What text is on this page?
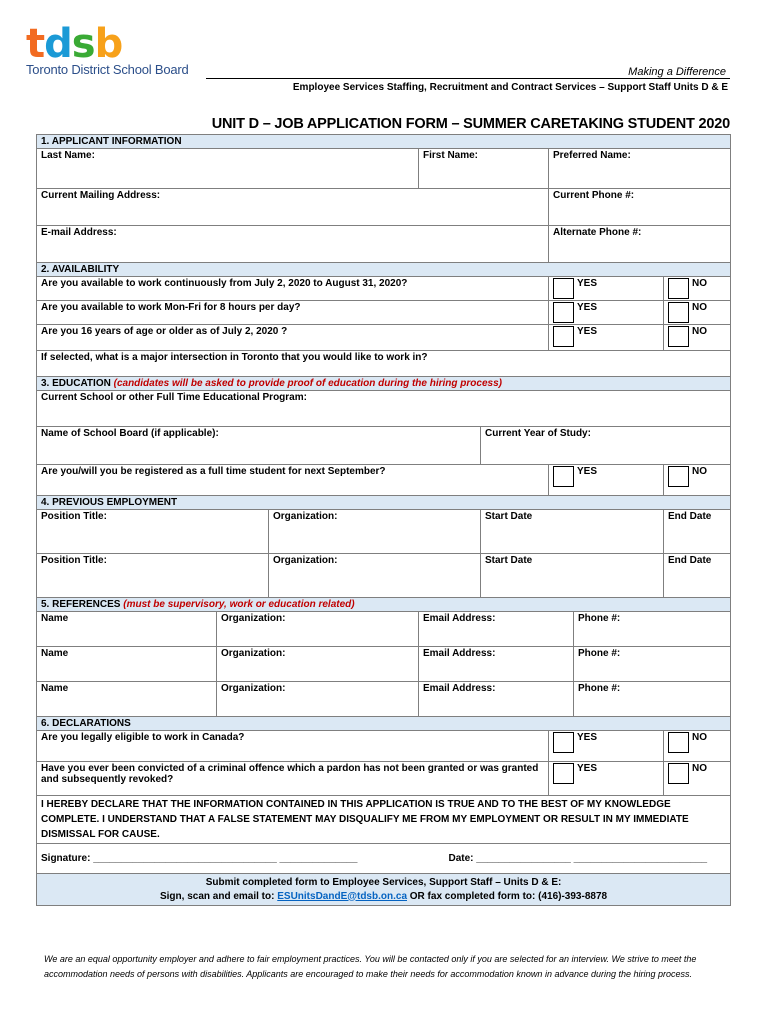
tdsb
Toronto District School Board	Making a Difference
Employee Services Staffing, Recruitment and Contract Services – Support Staff Units D & E
UNIT D – JOB APPLICATION FORM – SUMMER CARETAKING STUDENT 2020
1. APPLICANT INFORMATION							
Last Name:			First Name:		Preferred Name:		
Current Mailing Address:					Current Phone #:		
E-mail Address:					Alternate Phone #:		
2. AVAILABILITY							
Are you available to work continuously from July 2, 2020 to August 31, 2020?					YES		NO
Are you available to work Mon-Fri for 8 hours per day?					YES		NO
Are you 16 years of age or older as of July 2, 2020 ?					YES		NO
If selected, what is a major intersection in Toronto that you would like to work in?							
3. EDUCATION (candidates will be asked to provide proof of education during the hiring process)							
Current School or other Full Time Educational Program:							
Name of School Board (if applicable):				Current Year of Study:			
Are you/will you be registered as a full time student for next September?					YES		NO
4. PREVIOUS EMPLOYMENT							
Position Title:		Organization:		Start Date			End Date
Position Title:		Organization:		Start Date			End Date
5. REFERENCES (must be supervisory, work or education related)							
Name	Organization:		Email Address:			Phone #:	
Name	Organization:		Email Address:			Phone #:	
Name	Organization:		Email Address:			Phone #:	
6. DECLARATIONS							
Are you legally eligible to work in Canada?					YES		NO
Have you ever been convicted of a criminal offence which a pardon has not been granted or was granted and subsequently revoked?					YES		NO
I HEREBY DECLARE THAT THE INFORMATION CONTAINED IN THIS APPLICATION IS TRUE AND TO THE BEST OF MY KNOWLEDGE COMPLETE. I UNDERSTAND THAT A FALSE STATEMENT MAY DISQUALIFY ME FROM MY EMPLOYMENT OR RESULT IN MY IMMEDIATE DISMISSAL FOR CAUSE.							
Signature: _________________________________ ______________			Date: _________________ ________________________				

Submit completed form to Employee Services, Support Staff – Units D & E:
Sign, scan and email to: ESUnitsDandE@tdsb.on.ca OR fax completed form to: (416)-393-8878							
We are an equal opportunity employer and adhere to fair employment practices. You will be contacted only if you are selected for an interview. We strive to meet the accommodation needs of persons with disabilities. Applicants are encouraged to make their needs for accommodation known in advance during the hiring process.
